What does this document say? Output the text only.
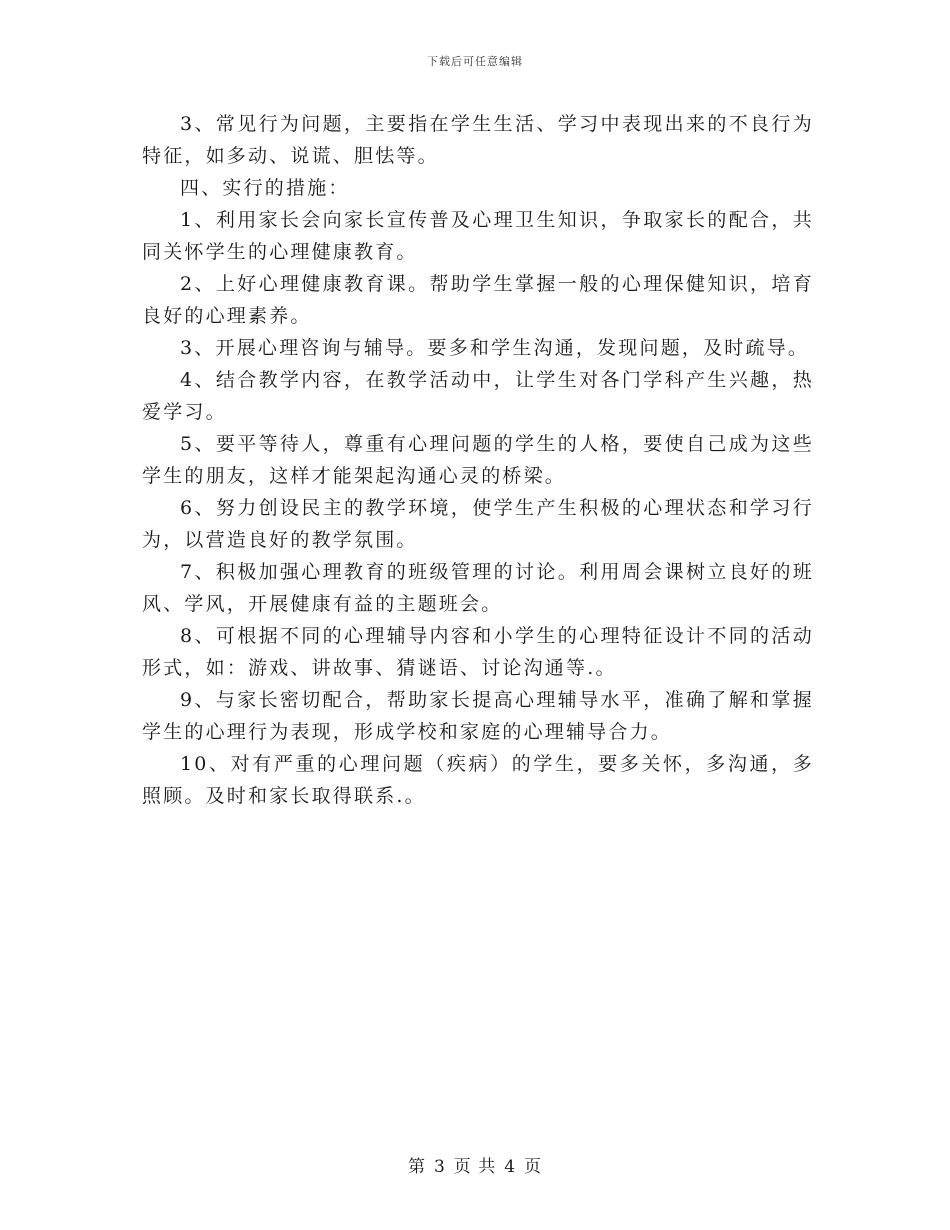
下载后可任意编辑

3、常见行为问题，主要指在学生生活、学习中表现出来的不良行为特征，如多动、说谎、胆怯等。

四、实行的措施：

1、利用家长会向家长宣传普及心理卫生知识，争取家长的配合，共同关怀学生的心理健康教育。

2、上好心理健康教育课。帮助学生掌握一般的心理保健知识，培育良好的心理素养。

3、开展心理咨询与辅导。要多和学生沟通，发现问题，及时疏导。

4、结合教学内容，在教学活动中，让学生对各门学科产生兴趣，热爱学习。

5、要平等待人，尊重有心理问题的学生的人格，要使自己成为这些学生的朋友，这样才能架起沟通心灵的桥梁。

6、努力创设民主的教学环境，使学生产生积极的心理状态和学习行为，以营造良好的教学氛围。

7、积极加强心理教育的班级管理的讨论。利用周会课树立良好的班风、学风，开展健康有益的主题班会。

8、可根据不同的心理辅导内容和小学生的心理特征设计不同的活动形式，如：游戏、讲故事、猜谜语、讨论沟通等.。

9、与家长密切配合，帮助家长提高心理辅导水平，准确了解和掌握学生的心理行为表现，形成学校和家庭的心理辅导合力。

10、对有严重的心理问题（疾病）的学生，要多关怀，多沟通，多照顾。及时和家长取得联系.。

第 3 页 共 4 页
